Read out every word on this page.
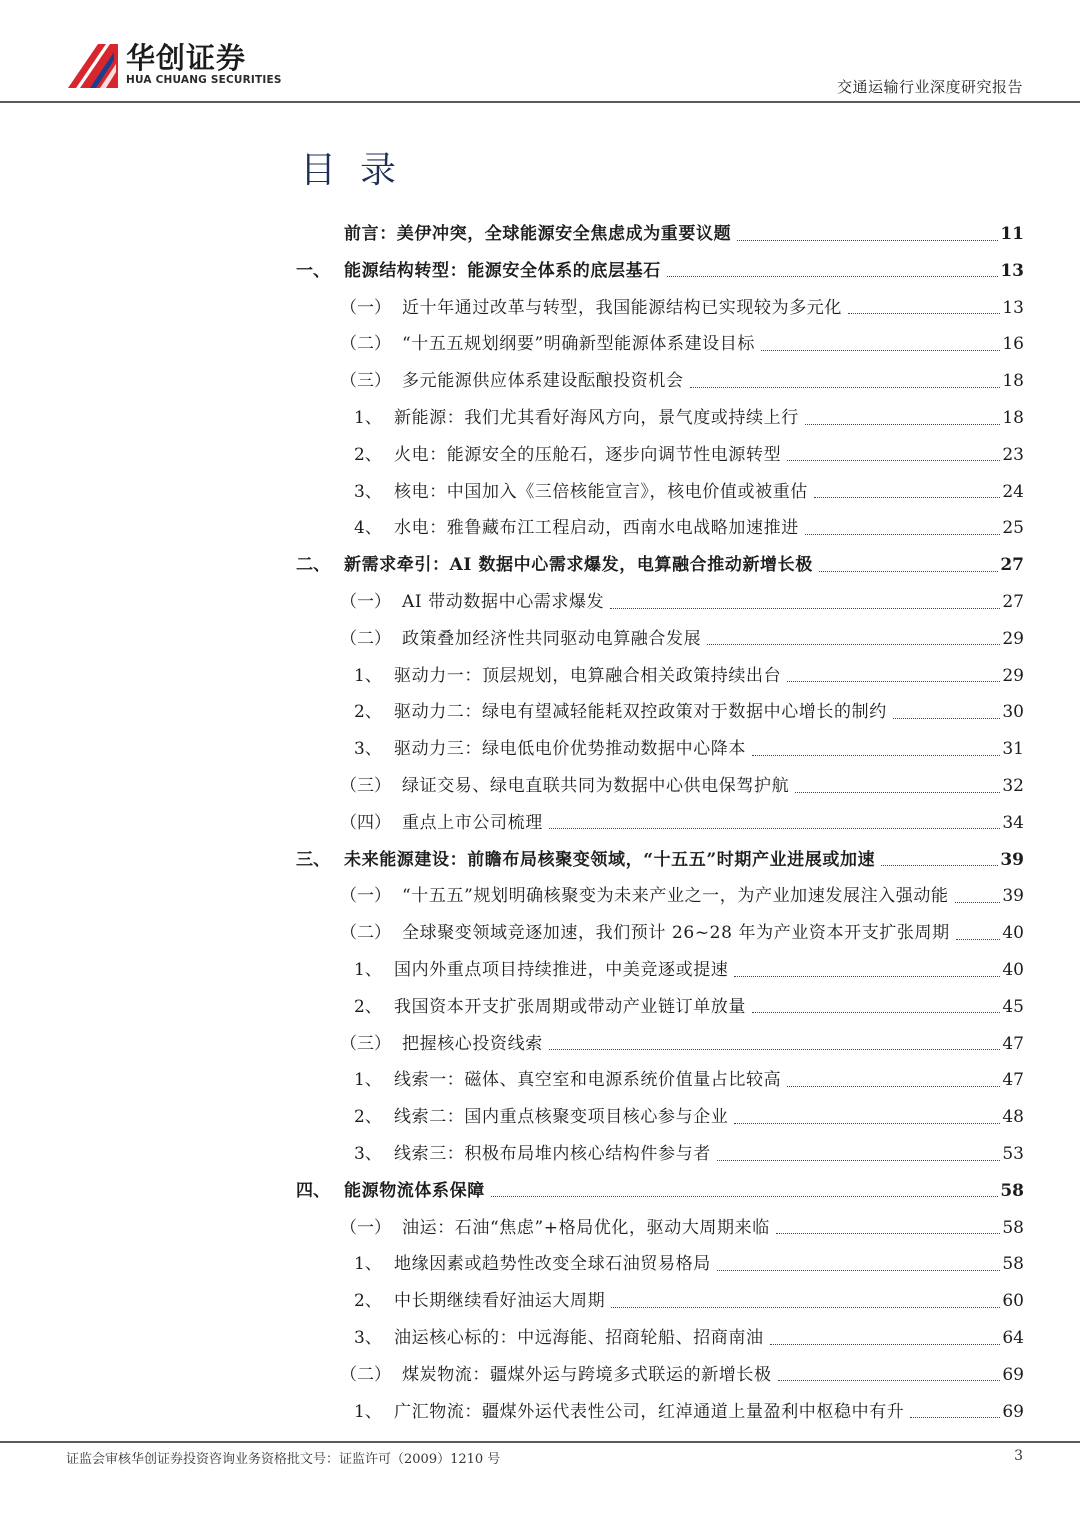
华创证券
HUA CHUANG SECURITIES	交通运输行业深度研究报告
目录
前言：美伊冲突，全球能源安全焦虑成为重要议题	11
一、 能源结构转型：能源安全体系的底层基石	13
（一） 近十年通过改革与转型，我国能源结构已实现较为多元化	13
（二） “十五五规划纲要”明确新型能源体系建设目标	16
（三） 多元能源供应体系建设酝酿投资机会	18
1、 新能源：我们尤其看好海风方向，景气度或持续上行	18
2、 火电：能源安全的压舱石，逐步向调节性电源转型	23
3、 核电：中国加入《三倍核能宣言》，核电价值或被重估	24
4、 水电：雅鲁藏布江工程启动，西南水电战略加速推进	25
二、 新需求牵引：AI 数据中心需求爆发，电算融合推动新增长极	27
（一） AI 带动数据中心需求爆发	27
（二） 政策叠加经济性共同驱动电算融合发展	29
1、 驱动力一：顶层规划，电算融合相关政策持续出台	29
2、 驱动力二：绿电有望减轻能耗双控政策对于数据中心增长的制约	30
3、 驱动力三：绿电低电价优势推动数据中心降本	31
（三） 绿证交易、绿电直联共同为数据中心供电保驾护航	32
（四） 重点上市公司梳理	34
三、 未来能源建设：前瞻布局核聚变领域，“十五五”时期产业进展或加速	39
（一） “十五五”规划明确核聚变为未来产业之一，为产业加速发展注入强动能	39
（二） 全球聚变领域竞逐加速，我们预计 26~28 年为产业资本开支扩张周期	40
1、 国内外重点项目持续推进，中美竞逐或提速	40
2、 我国资本开支扩张周期或带动产业链订单放量	45
（三） 把握核心投资线索	47
1、 线索一：磁体、真空室和电源系统价值量占比较高	47
2、 线索二：国内重点核聚变项目核心参与企业	48
3、 线索三：积极布局堆内核心结构件参与者	53
四、 能源物流体系保障	58
（一） 油运：石油“焦虑”+格局优化，驱动大周期来临	58
1、 地缘因素或趋势性改变全球石油贸易格局	58
2、 中长期继续看好油运大周期	60
3、 油运核心标的：中远海能、招商轮船、招商南油	64
（二） 煤炭物流：疆煤外运与跨境多式联运的新增长极	69
1、 广汇物流：疆煤外运代表性公司，红淖通道上量盈利中枢稳中有升	69
证监会审核华创证券投资咨询业务资格批文号：证监许可（2009）1210 号	3
